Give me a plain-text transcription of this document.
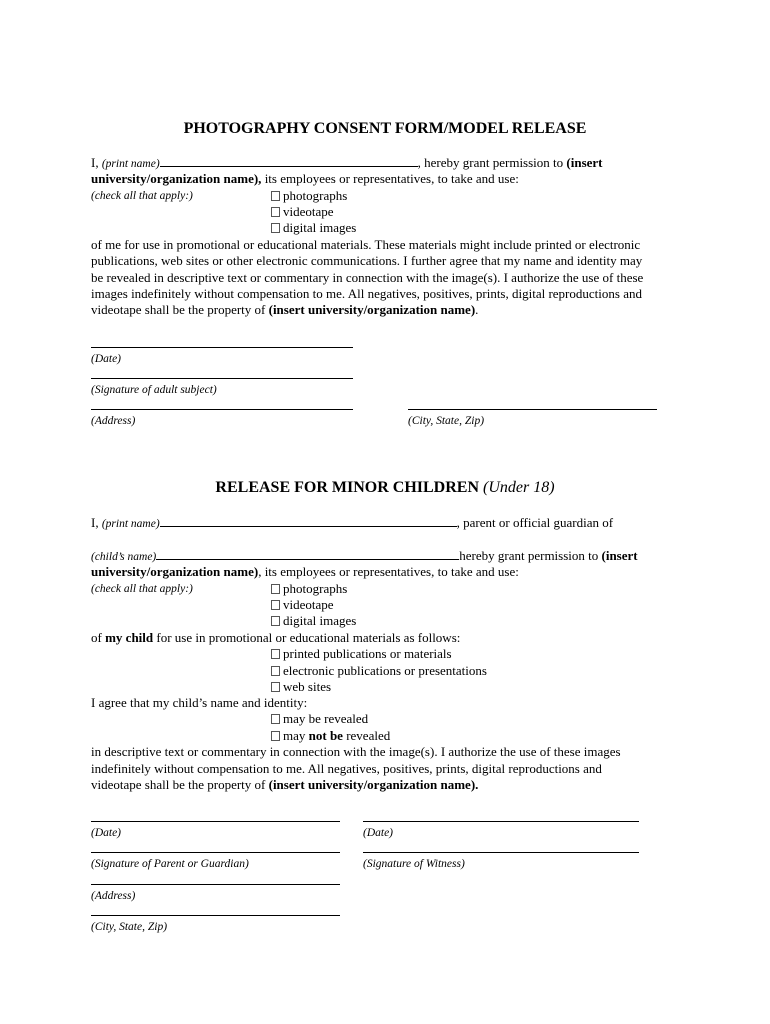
PHOTOGRAPHY CONSENT FORM/MODEL RELEASE
I, (print name)	, hereby grant permission to (insert
university/organization name), its employees or representatives, to take and use:
(check all that apply:)	photographs
videotape
digital images
of me for use in promotional or educational materials. These materials might include printed or electronic
publications, web sites or other electronic communications. I further agree that my name and identity may
be revealed in descriptive text or commentary in connection with the image(s). I authorize the use of these
images indefinitely without compensation to me. All negatives, positives, prints, digital reproductions and
videotape shall be the property of (insert university/organization name).
(Date)
(Signature of adult subject)
(Address)	(City, State, Zip)
RELEASE FOR MINOR CHILDREN (Under 18)
I, (print name)	, parent or official guardian of
(child’s name)	hereby grant permission to (insert
university/organization name), its employees or representatives, to take and use:
(check all that apply:)	photographs
videotape
digital images
of my child for use in promotional or educational materials as follows:
printed publications or materials
electronic publications or presentations
web sites
I agree that my child’s name and identity:
may be revealed
may not be revealed
in descriptive text or commentary in connection with the image(s). I authorize the use of these images
indefinitely without compensation to me. All negatives, positives, prints, digital reproductions and
videotape shall be the property of (insert university/organization name).
(Date)	(Date)
(Signature of Parent or Guardian)	(Signature of Witness)
(Address)
(City, State, Zip)
